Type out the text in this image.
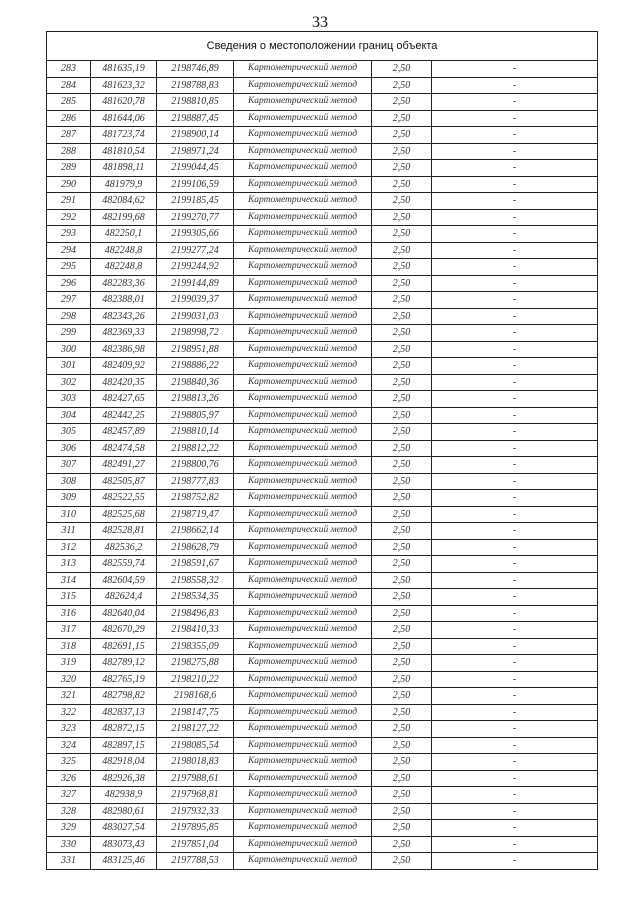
33
Сведения о местоположении границ объекта					
283	481635,19	2198746,89	Картометрический метод	2,50	-
284	481623,32	2198788,83	Картометрический метод	2,50	-
285	481620,78	2198810,85	Картометрический метод	2,50	-
286	481644,06	2198887,45	Картометрический метод	2,50	-
287	481723,74	2198900,14	Картометрический метод	2,50	-
288	481810,54	2198971,24	Картометрический метод	2,50	-
289	481898,11	2199044,45	Картометрический метод	2,50	-
290	481979,9	2199106,59	Картометрический метод	2,50	-
291	482084,62	2199185,45	Картометрический метод	2,50	-
292	482199,68	2199270,77	Картометрический метод	2,50	-
293	482250,1	2199305,66	Картометрический метод	2,50	-
294	482248,8	2199277,24	Картометрический метод	2,50	-
295	482248,8	2199244,92	Картометрический метод	2,50	-
296	482283,36	2199144,89	Картометрический метод	2,50	-
297	482388,01	2199039,37	Картометрический метод	2,50	-
298	482343,26	2199031,03	Картометрический метод	2,50	-
299	482369,33	2198998,72	Картометрический метод	2,50	-
300	482386,98	2198951,88	Картометрический метод	2,50	-
301	482409,92	2198886,22	Картометрический метод	2,50	-
302	482420,35	2198840,36	Картометрический метод	2,50	-
303	482427,65	2198813,26	Картометрический метод	2,50	-
304	482442,25	2198805,97	Картометрический метод	2,50	-
305	482457,89	2198810,14	Картометрический метод	2,50	-
306	482474,58	2198812,22	Картометрический метод	2,50	-
307	482491,27	2198800,76	Картометрический метод	2,50	-
308	482505,87	2198777,83	Картометрический метод	2,50	-
309	482522,55	2198752,82	Картометрический метод	2,50	-
310	482525,68	2198719,47	Картометрический метод	2,50	-
311	482528,81	2198662,14	Картометрический метод	2,50	-
312	482536,2	2198628,79	Картометрический метод	2,50	-
313	482559,74	2198591,67	Картометрический метод	2,50	-
314	482604,59	2198558,32	Картометрический метод	2,50	-
315	482624,4	2198534,35	Картометрический метод	2,50	-
316	482640,04	2198496,83	Картометрический метод	2,50	-
317	482670,29	2198410,33	Картометрический метод	2,50	-
318	482691,15	2198355,09	Картометрический метод	2,50	-
319	482789,12	2198275,88	Картометрический метод	2,50	-
320	482765,19	2198210,22	Картометрический метод	2,50	-
321	482798,82	2198168,6	Картометрический метод	2,50	-
322	482837,13	2198147,75	Картометрический метод	2,50	-
323	482872,15	2198127,22	Картометрический метод	2,50	-
324	482897,15	2198085,54	Картометрический метод	2,50	-
325	482918,04	2198018,83	Картометрический метод	2,50	-
326	482926,38	2197988,61	Картометрический метод	2,50	-
327	482938,9	2197968,81	Картометрический метод	2,50	-
328	482980,61	2197932,33	Картометрический метод	2,50	-
329	483027,54	2197895,85	Картометрический метод	2,50	-
330	483073,43	2197851,04	Картометрический метод	2,50	-
331	483125,46	2197788,53	Картометрический метод	2,50	-
